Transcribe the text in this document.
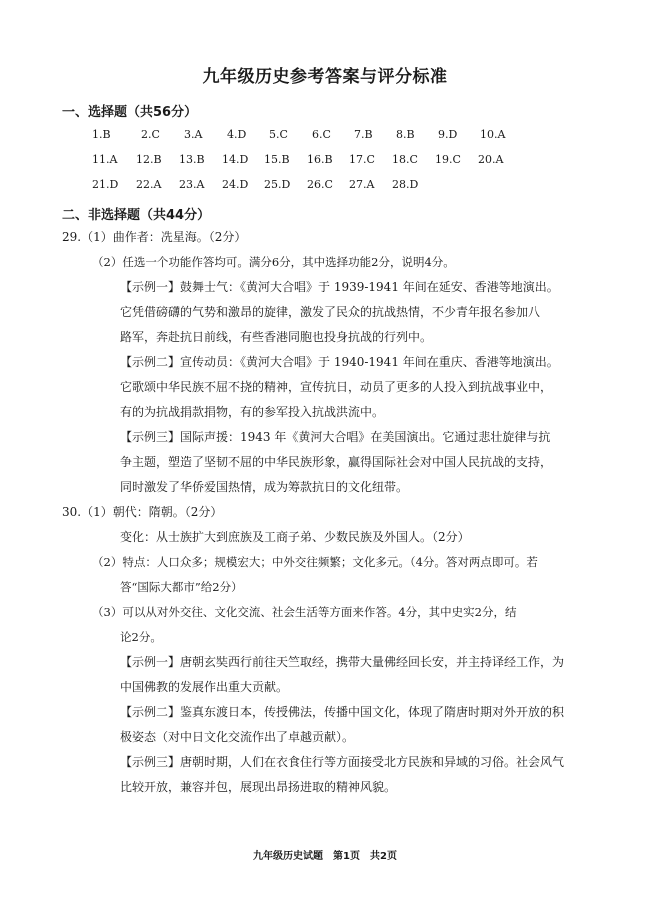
九年级历史参考答案与评分标准
一、选择题（共56分）
1.B	2.C 3.A 4.D 5.C 6.C 7.B 8.B 9.D 10.A
11.A 12.B 13.B 14.D 15.B 16.B 17.C 18.C 19.C 20.A
21.D 22.A 23.A 24.D 25.D 26.C 27.A 28.D
二、非选择题（共44分）
29.（1）曲作者：冼星海。（2分）
（2）任选一个功能作答均可。满分6分，其中选择功能2分，说明4分。
【示例一】鼓舞士气：《黄河大合唱》于 1939-1941 年间在延安、香港等地演出。
它凭借磅礴的气势和激昂的旋律，激发了民众的抗战热情，不少青年报名参加八
路军，奔赴抗日前线，有些香港同胞也投身抗战的行列中。
【示例二】宣传动员：《黄河大合唱》于 1940-1941 年间在重庆、香港等地演出。
它歌颂中华民族不屈不挠的精神，宣传抗日，动员了更多的人投入到抗战事业中，
有的为抗战捐款捐物，有的参军投入抗战洪流中。
【示例三】国际声援：1943 年《黄河大合唱》在美国演出。它通过悲壮旋律与抗
争主题，塑造了坚韧不屈的中华民族形象，赢得国际社会对中国人民抗战的支持，
同时激发了华侨爱国热情，成为筹款抗日的文化纽带。
30.（1）朝代：隋朝。（2分）
变化：从士族扩大到庶族及工商子弟、少数民族及外国人。（2分）
（2）特点：人口众多；规模宏大；中外交往频繁；文化多元。（4分。答对两点即可。若
答“国际大都市”给2分）
（3）可以从对外交往、文化交流、社会生活等方面来作答。4分，其中史实2分，结
论2分。
【示例一】唐朝玄奘西行前往天竺取经，携带大量佛经回长安，并主持译经工作，为
中国佛教的发展作出重大贡献。
【示例二】鉴真东渡日本，传授佛法，传播中国文化，体现了隋唐时期对外开放的积
极姿态（对中日文化交流作出了卓越贡献）。
【示例三】唐朝时期，人们在衣食住行等方面接受北方民族和异域的习俗。社会风气
比较开放，兼容并包，展现出昂扬进取的精神风貌。
九年级历史试题　第1页　共2页
